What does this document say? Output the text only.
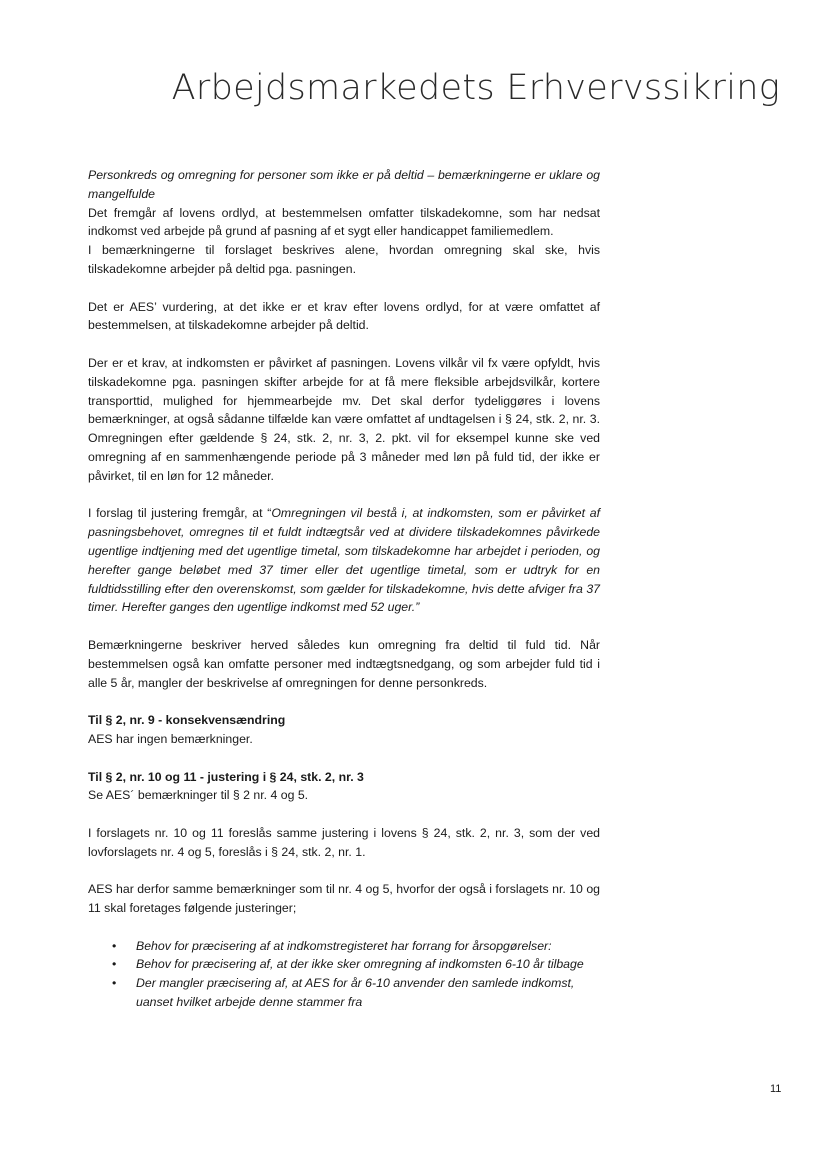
Arbejdsmarkedets Erhvervssikring

Personkreds og omregning for personer som ikke er på deltid – bemærkningerne er uklare og mangelfulde
Det fremgår af lovens ordlyd, at bestemmelsen omfatter tilskadekomne, som har nedsat indkomst ved arbejde på grund af pasning af et sygt eller handicappet familiemedlem.
I bemærkningerne til forslaget beskrives alene, hvordan omregning skal ske, hvis tilskadekomne arbejder på deltid pga. pasningen.

Det er AES’ vurdering, at det ikke er et krav efter lovens ordlyd, for at være omfattet af bestemmelsen, at tilskadekomne arbejder på deltid.

Der er et krav, at indkomsten er påvirket af pasningen. Lovens vilkår vil fx være opfyldt, hvis tilskadekomne pga. pasningen skifter arbejde for at få mere fleksible arbejdsvilkår, kortere transporttid, mulighed for hjemmearbejde mv. Det skal derfor tydeliggøres i lovens bemærkninger, at også sådanne tilfælde kan være omfattet af undtagelsen i § 24, stk. 2, nr. 3. Omregningen efter gældende § 24, stk. 2, nr. 3, 2. pkt. vil for eksempel kunne ske ved omregning af en sammenhængende periode på 3 måneder med løn på fuld tid, der ikke er påvirket, til en løn for 12 måneder.

I forslag til justering fremgår, at “Omregningen vil bestå i, at indkomsten, som er påvirket af pasningsbehovet, omregnes til et fuldt indtægtsår ved at dividere tilskadekomnes påvirkede ugentlige indtjening med det ugentlige timetal, som tilskadekomne har arbejdet i perioden, og herefter gange beløbet med 37 timer eller det ugentlige timetal, som er udtryk for en fuldtidsstilling efter den overenskomst, som gælder for tilskadekomne, hvis dette afviger fra 37 timer. Herefter ganges den ugentlige indkomst med 52 uger.”

Bemærkningerne beskriver herved således kun omregning fra deltid til fuld tid. Når bestemmelsen også kan omfatte personer med indtægtsnedgang, og som arbejder fuld tid i alle 5 år, mangler der beskrivelse af omregningen for denne personkreds.

Til § 2, nr. 9 - konsekvensændring
AES har ingen bemærkninger.

Til § 2, nr. 10 og 11 - justering i § 24, stk. 2, nr. 3
Se AES´ bemærkninger til § 2 nr. 4 og 5.

I forslagets nr. 10 og 11 foreslås samme justering i lovens § 24, stk. 2, nr. 3, som der ved lovforslagets nr. 4 og 5, foreslås i § 24, stk. 2, nr. 1.

AES har derfor samme bemærkninger som til nr. 4 og 5, hvorfor der også i forslagets nr. 10 og 11 skal foretages følgende justeringer;

• Behov for præcisering af at indkomstregisteret har forrang for årsopgørelser:
• Behov for præcisering af, at der ikke sker omregning af indkomsten 6-10 år tilbage
• Der mangler præcisering af, at AES for år 6-10 anvender den samlede indkomst, uanset hvilket arbejde denne stammer fra
11
